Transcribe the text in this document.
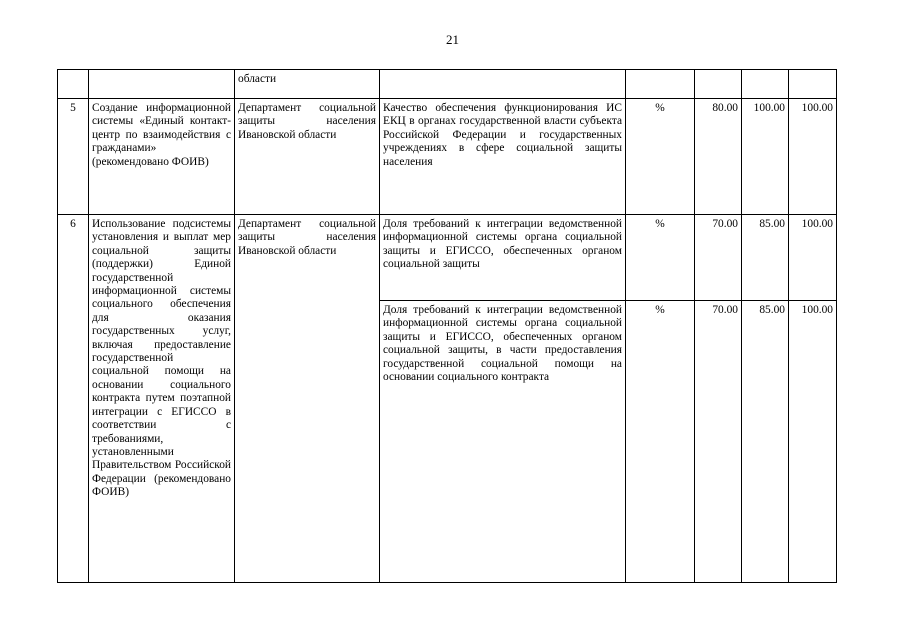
21
		области					
5	Создание информационной системы «Единый контакт-центр по взаимодействия с гражданами» (рекомендовано ФОИВ)	Департамент социальной защиты населения Ивановской области	Качество обеспечения функционирования ИС ЕКЦ в органах государственной власти субъекта Российской Федерации и государственных учреждениях в сфере социальной защиты населения	%	80.00	100.00	100.00
6	Использование подсистемы установления и выплат мер социальной защиты (поддержки) Единой государственной информационной системы социального обеспечения для оказания государственных услуг, включая предоставление государственной социальной помощи на основании социального контракта путем поэтапной интеграции с ЕГИССО в соответствии с требованиями, установленными Правительством Российской Федерации (рекомендовано ФОИВ)	Департамент социальной защиты населения Ивановской области	Доля требований к интеграции ведомственной информационной системы органа социальной защиты и ЕГИССО, обеспеченных органом социальной защиты	%	70.00	85.00	100.00
			Доля требований к интеграции ведомственной информационной системы органа социальной защиты и ЕГИССО, обеспеченных органом социальной защиты, в части предоставления государственной социальной помощи на основании социального контракта	%	70.00	85.00	100.00
